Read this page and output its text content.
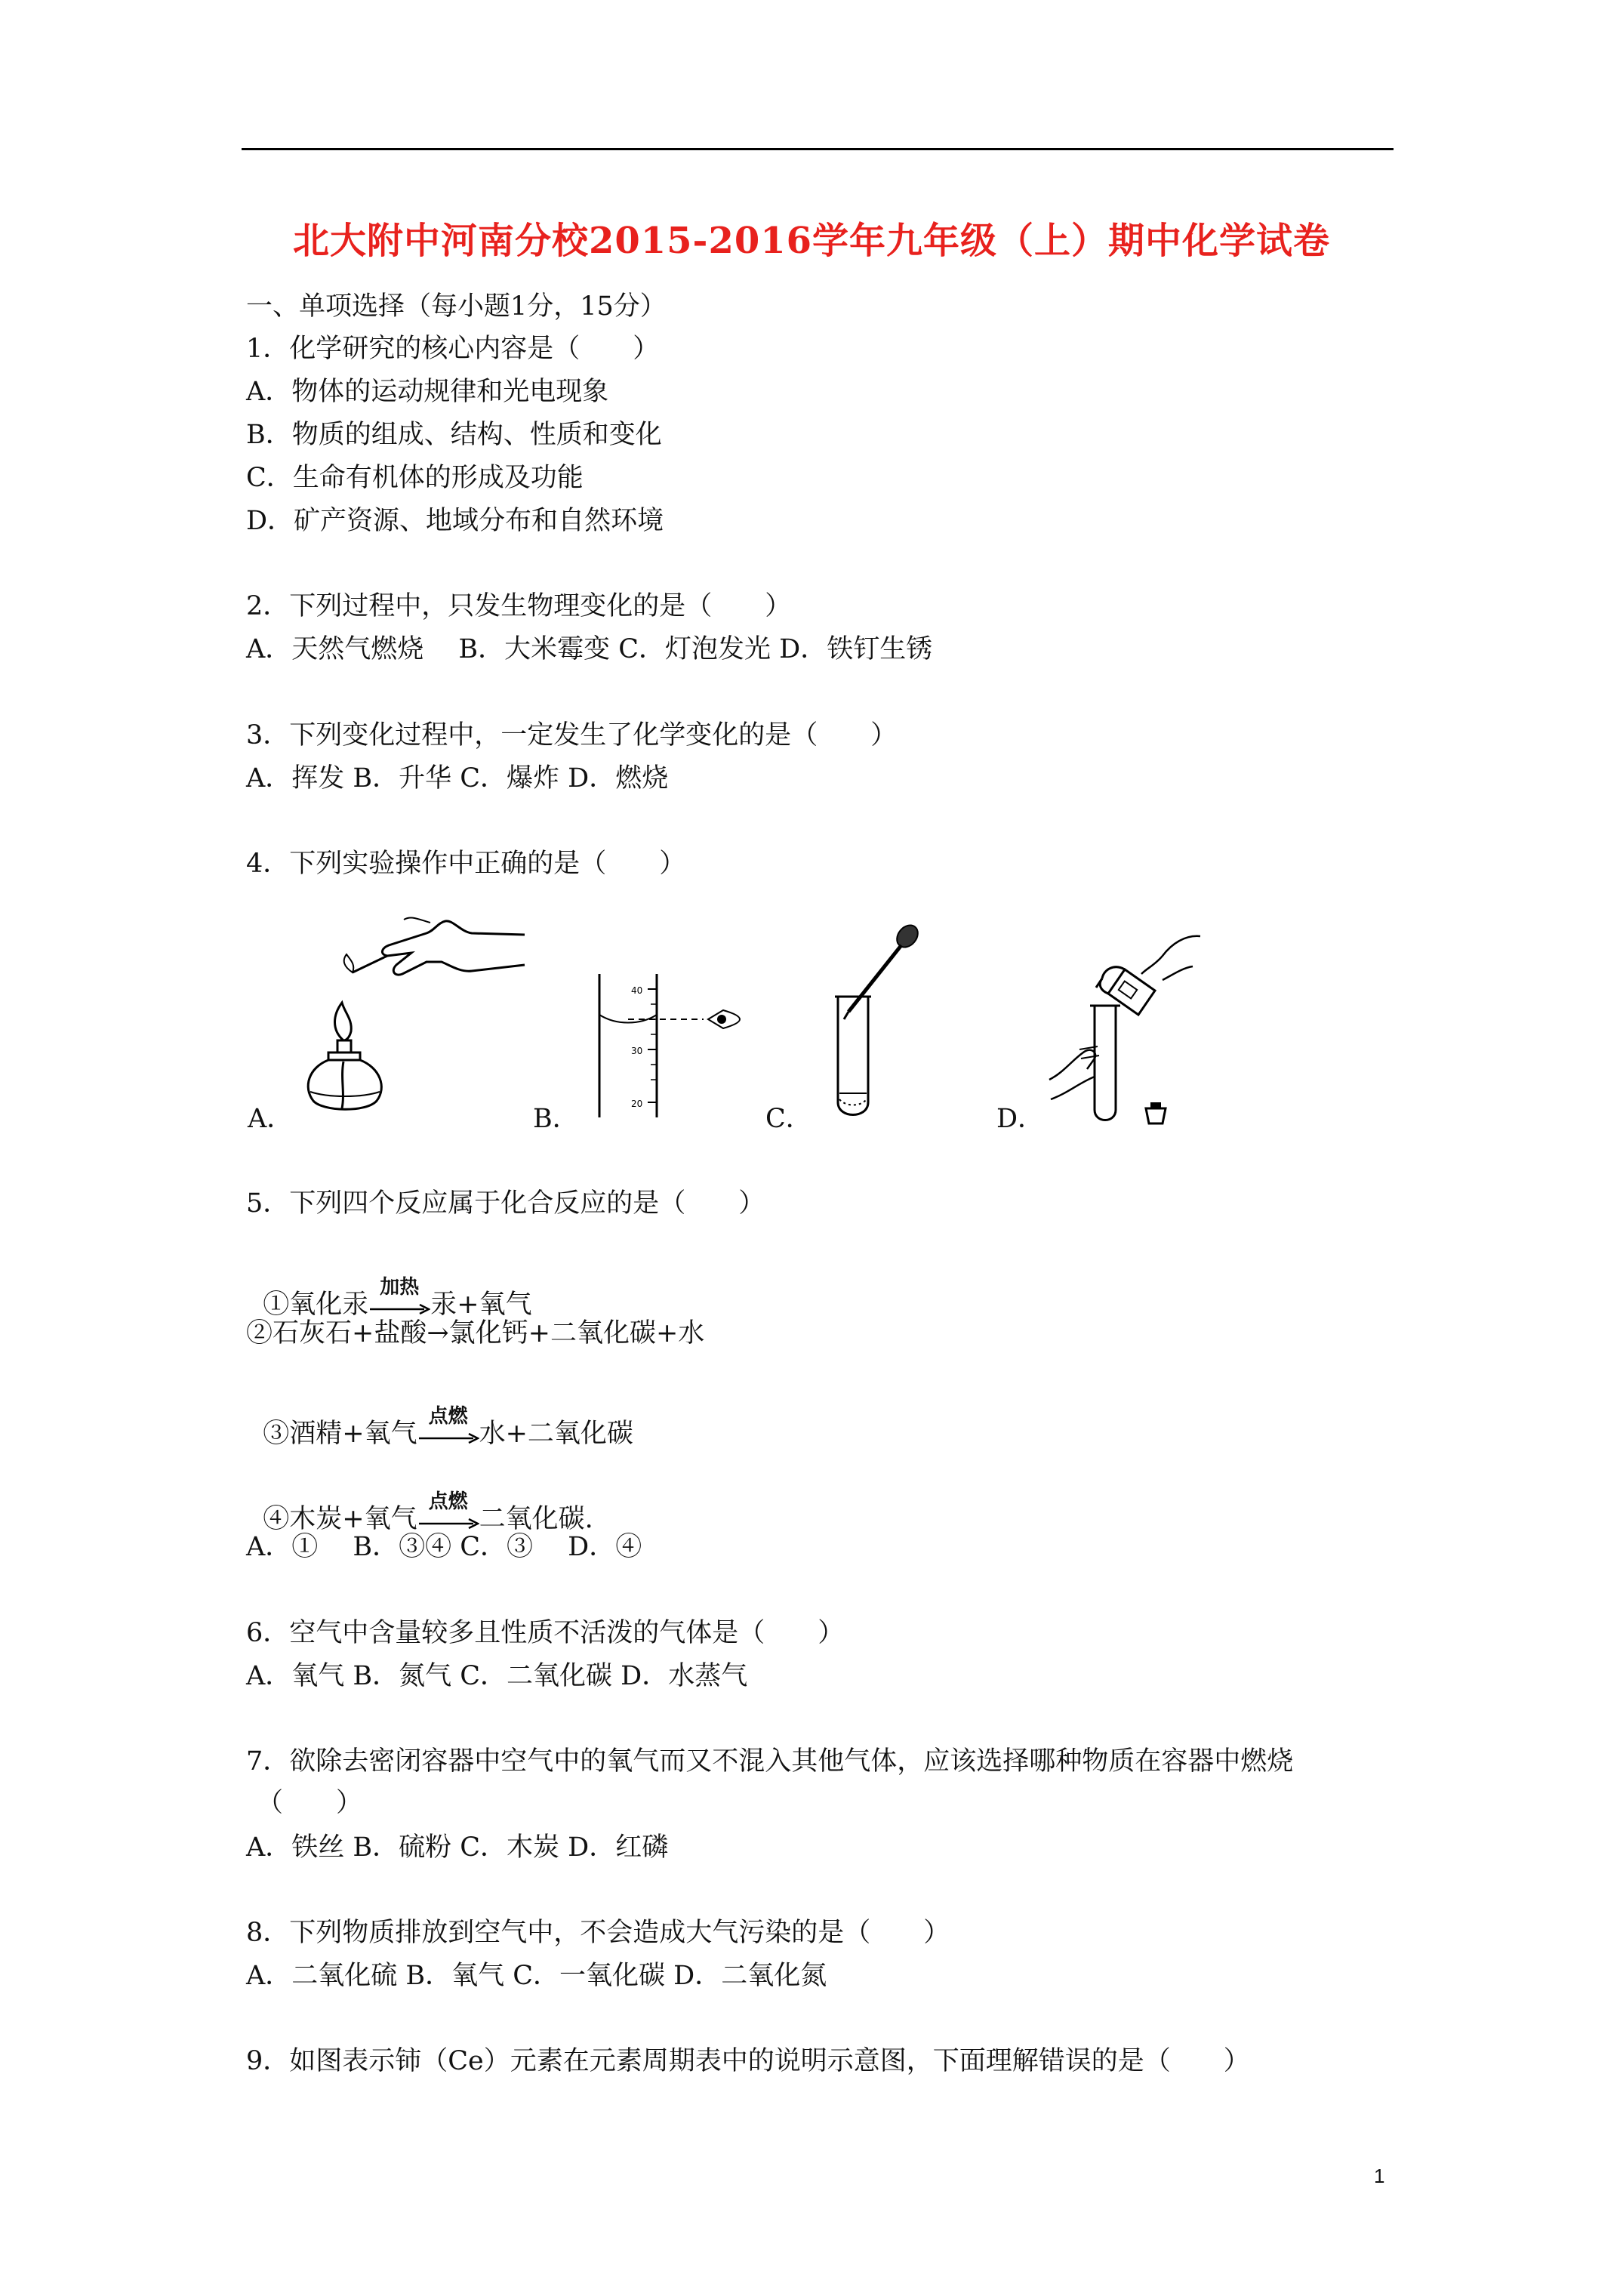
北大附中河南分校2015-2016学年九年级（上）期中化学试卷
一、单项选择（每小题1分，15分）
1．化学研究的核心内容是（　　）
A．物体的运动规律和光电现象
B．物质的组成、结构、性质和变化
C．生命有机体的形成及功能
D．矿产资源、地域分布和自然环境
2．下列过程中，只发生物理变化的是（　　）
A．天然气燃烧　 B．大米霉变 C．灯泡发光 D．铁钉生锈
3．下列变化过程中，一定发生了化学变化的是（　　）
A．挥发 B．升华 C．爆炸 D．燃烧
4．下列实验操作中正确的是（　　）
A．
40
30
20
B．	C．	D．
5．下列四个反应属于化合反应的是（　　）

①氧化汞
加热
汞+氧气

②石灰石+盐酸→氯化钙+二氧化碳+水

③酒精+氧气
点燃
水+二氧化碳

④木炭+氧气
点燃
二氧化碳.

A．①　 B．③④ C．③　 D．④
6．空气中含量较多且性质不活泼的气体是（　　）
A．氧气 B．氮气 C．二氧化碳 D．水蒸气
7．欲除去密闭容器中空气中的氧气而又不混入其他气体，应该选择哪种物质在容器中燃烧
（　　）
A．铁丝 B．硫粉 C．木炭 D．红磷
8．下列物质排放到空气中，不会造成大气污染的是（　　）
A．二氧化硫 B．氧气 C．一氧化碳 D．二氧化氮
9．如图表示铈（Ce）元素在元素周期表中的说明示意图，下面理解错误的是（　　）
1
